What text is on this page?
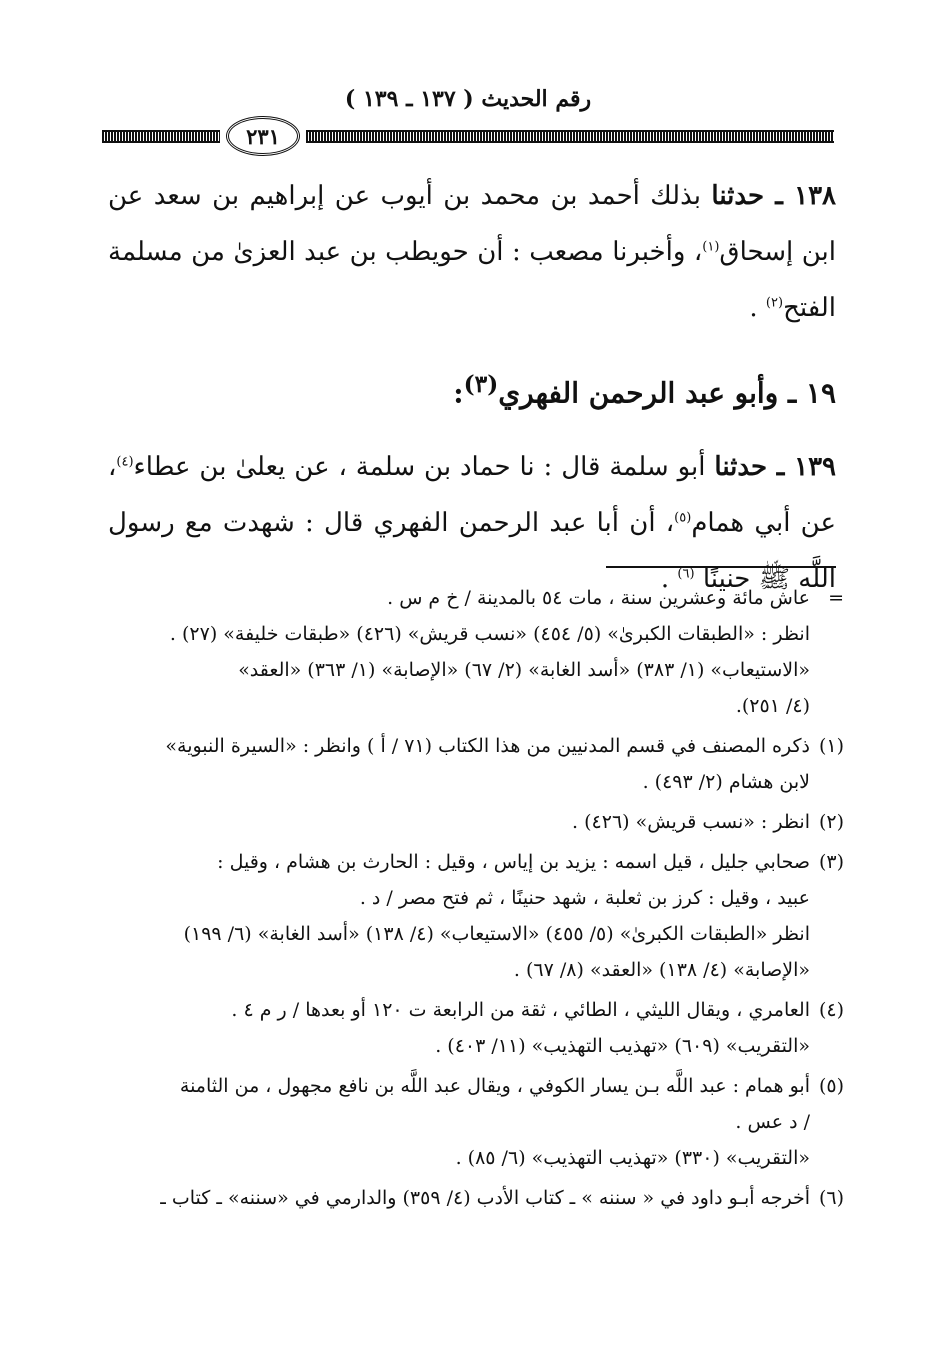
رقم الحديث ( ١٣٧ ـ ١٣٩ )
٢٣١

١٣٨ ـ حدثنا بذلك أحمد بن محمد بن أيوب عن إبراهيم بن سعد عن ابن إسحاق$^{(١)}$، وأخبرنا مصعب : أن حويطب بن عبد العزىٰ من مسلمة الفتح$^{(٢)}$ .

١٩ ـ وأبو عبد الرحمن الفهري$^{(٣)}$:

١٣٩ ـ حدثنا أبو سلمة قال : نا حماد بن سلمة ، عن يعلىٰ بن عطاء$^{(٤)}$، عن أبي همام$^{(٥)}$، أن أبا عبد الرحمن الفهري قال : شهدت مع رسول اللَّه ﷺ حنينًا $^{(٦)}$ .

=
عاش مائة وعشرين سنة ، مات ٥٤ بالمدينة / خ م س .
انظر : «الطبقات الكبرىٰ» (٥/ ٤٥٤) «نسب قريش» (٤٢٦) «طبقات خليفة» (٢٧) .
«الاستيعاب» (١/ ٣٨٣) «أسد الغابة» (٢/ ٦٧) «الإصابة» (١/ ٣٦٣) «العقد»
(٤/ ٢٥١).
(١)
ذكره المصنف في قسم المدنيين من هذا الكتاب (٧١ / أ ) وانظر : «السيرة النبوية»
لابن هشام (٢/ ٤٩٣) .
(٢)
انظر : «نسب قريش» (٤٢٦) .
(٣)
صحابي جليل ، قيل اسمه : يزيد بن إياس ، وقيل : الحارث بن هشام ، وقيل :
عبيد ، وقيل : كرز بن ثعلبة ، شهد حنينًا ، ثم فتح مصر / د .
انظر «الطبقات الكبرىٰ» (٥/ ٤٥٥) «الاستيعاب» (٤/ ١٣٨) «أسد الغابة» (٦/ ١٩٩)
«الإصابة» (٤/ ١٣٨) «العقد» (٨/ ٦٧) .
(٤)
العامري ، ويقال الليثي ، الطائي ، ثقة من الرابعة ت ١٢٠ أو بعدها / ر م ٤ .
«التقريب» (٦٠٩) «تهذيب التهذيب» (١١/ ٤٠٣) .
(٥)
أبو همام : عبد اللَّه بـن يسار الكوفي ، ويقال عبد اللَّه بن نافع مجهول ، من الثامنة
/ د عس .
«التقريب» (٣٣٠) «تهذيب التهذيب» (٦/ ٨٥) .
(٦)
أخرجه أبـو داود في « سننه » ـ كتاب الأدب (٤/ ٣٥٩) والدارمي في «سننه» ـ كتاب ـ
